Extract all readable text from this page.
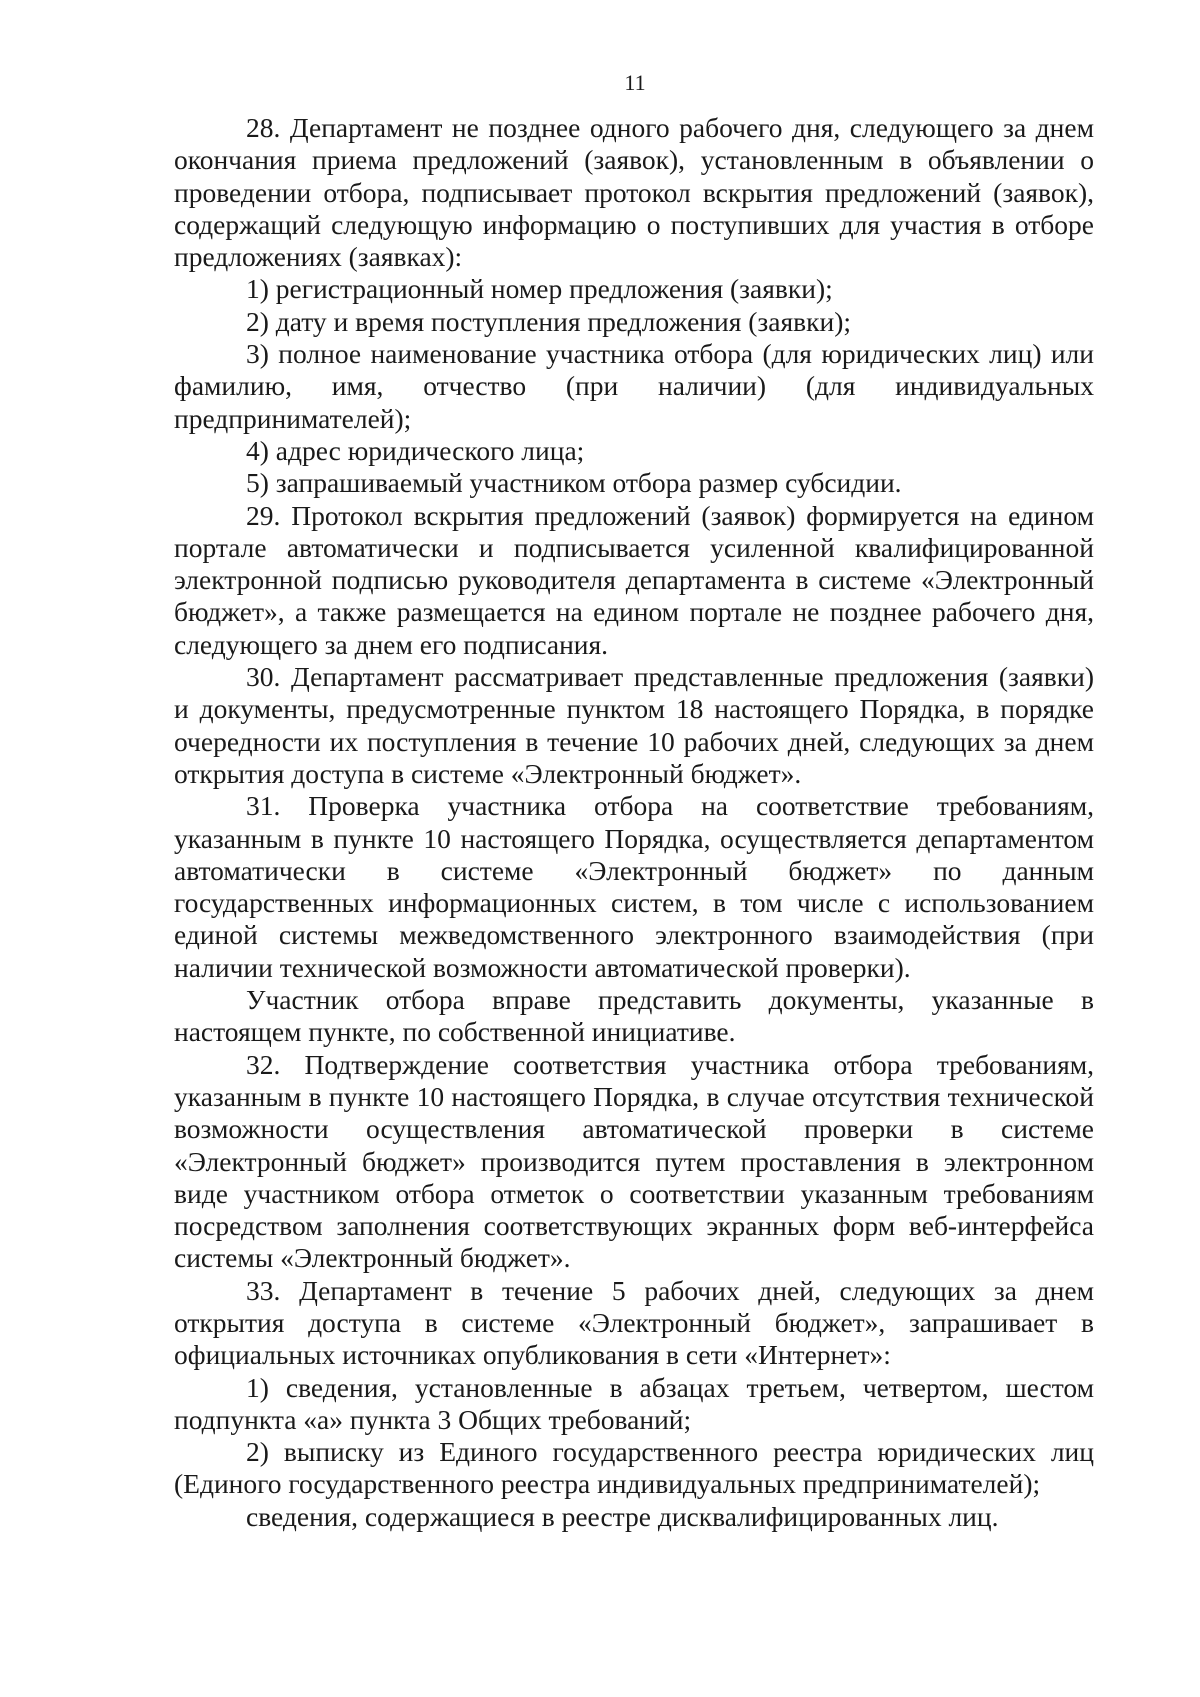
11

28. Департамент не позднее одного рабочего дня, следующего за днем окончания приема предложений (заявок), установленным в объявлении о проведении отбора, подписывает протокол вскрытия предложений (заявок), содержащий следующую информацию о поступивших для участия в отборе предложениях (заявках):

1) регистрационный номер предложения (заявки);

2) дату и время поступления предложения (заявки);

3) полное наименование участника отбора (для юридических лиц) или фамилию, имя, отчество (при наличии) (для индивидуальных предпринимателей);

4) адрес юридического лица;

5) запрашиваемый участником отбора размер субсидии.

29. Протокол вскрытия предложений (заявок) формируется на едином портале автоматически и подписывается усиленной квалифицированной электронной подписью руководителя департамента в системе «Электронный бюджет», а также размещается на едином портале не позднее рабочего дня, следующего за днем его подписания.

30. Департамент рассматривает представленные предложения (заявки) и документы, предусмотренные пунктом 18 настоящего Порядка, в порядке очередности их поступления в течение 10 рабочих дней, следующих за днем открытия доступа в системе «Электронный бюджет».

31. Проверка участника отбора на соответствие требованиям, указанным в пункте 10 настоящего Порядка, осуществляется департаментом автоматически в системе «Электронный бюджет» по данным государственных информационных систем, в том числе с использованием единой системы межведомственного электронного взаимодействия (при наличии технической возможности автоматической проверки).

Участник отбора вправе представить документы, указанные в настоящем пункте, по собственной инициативе.

32. Подтверждение соответствия участника отбора требованиям, указанным в пункте 10 настоящего Порядка, в случае отсутствия технической возможности осуществления автоматической проверки в системе «Электронный бюджет» производится путем проставления в электронном виде участником отбора отметок о соответствии указанным требованиям посредством заполнения соответствующих экранных форм веб-интерфейса системы «Электронный бюджет».

33. Департамент в течение 5 рабочих дней, следующих за днем открытия доступа в системе «Электронный бюджет», запрашивает в официальных источниках опубликования в сети «Интернет»:

1) сведения, установленные в абзацах третьем, четвертом, шестом подпункта «а» пункта 3 Общих требований;

2) выписку из Единого государственного реестра юридических лиц (Единого государственного реестра индивидуальных предпринимателей);

сведения, содержащиеся в реестре дисквалифицированных лиц.
